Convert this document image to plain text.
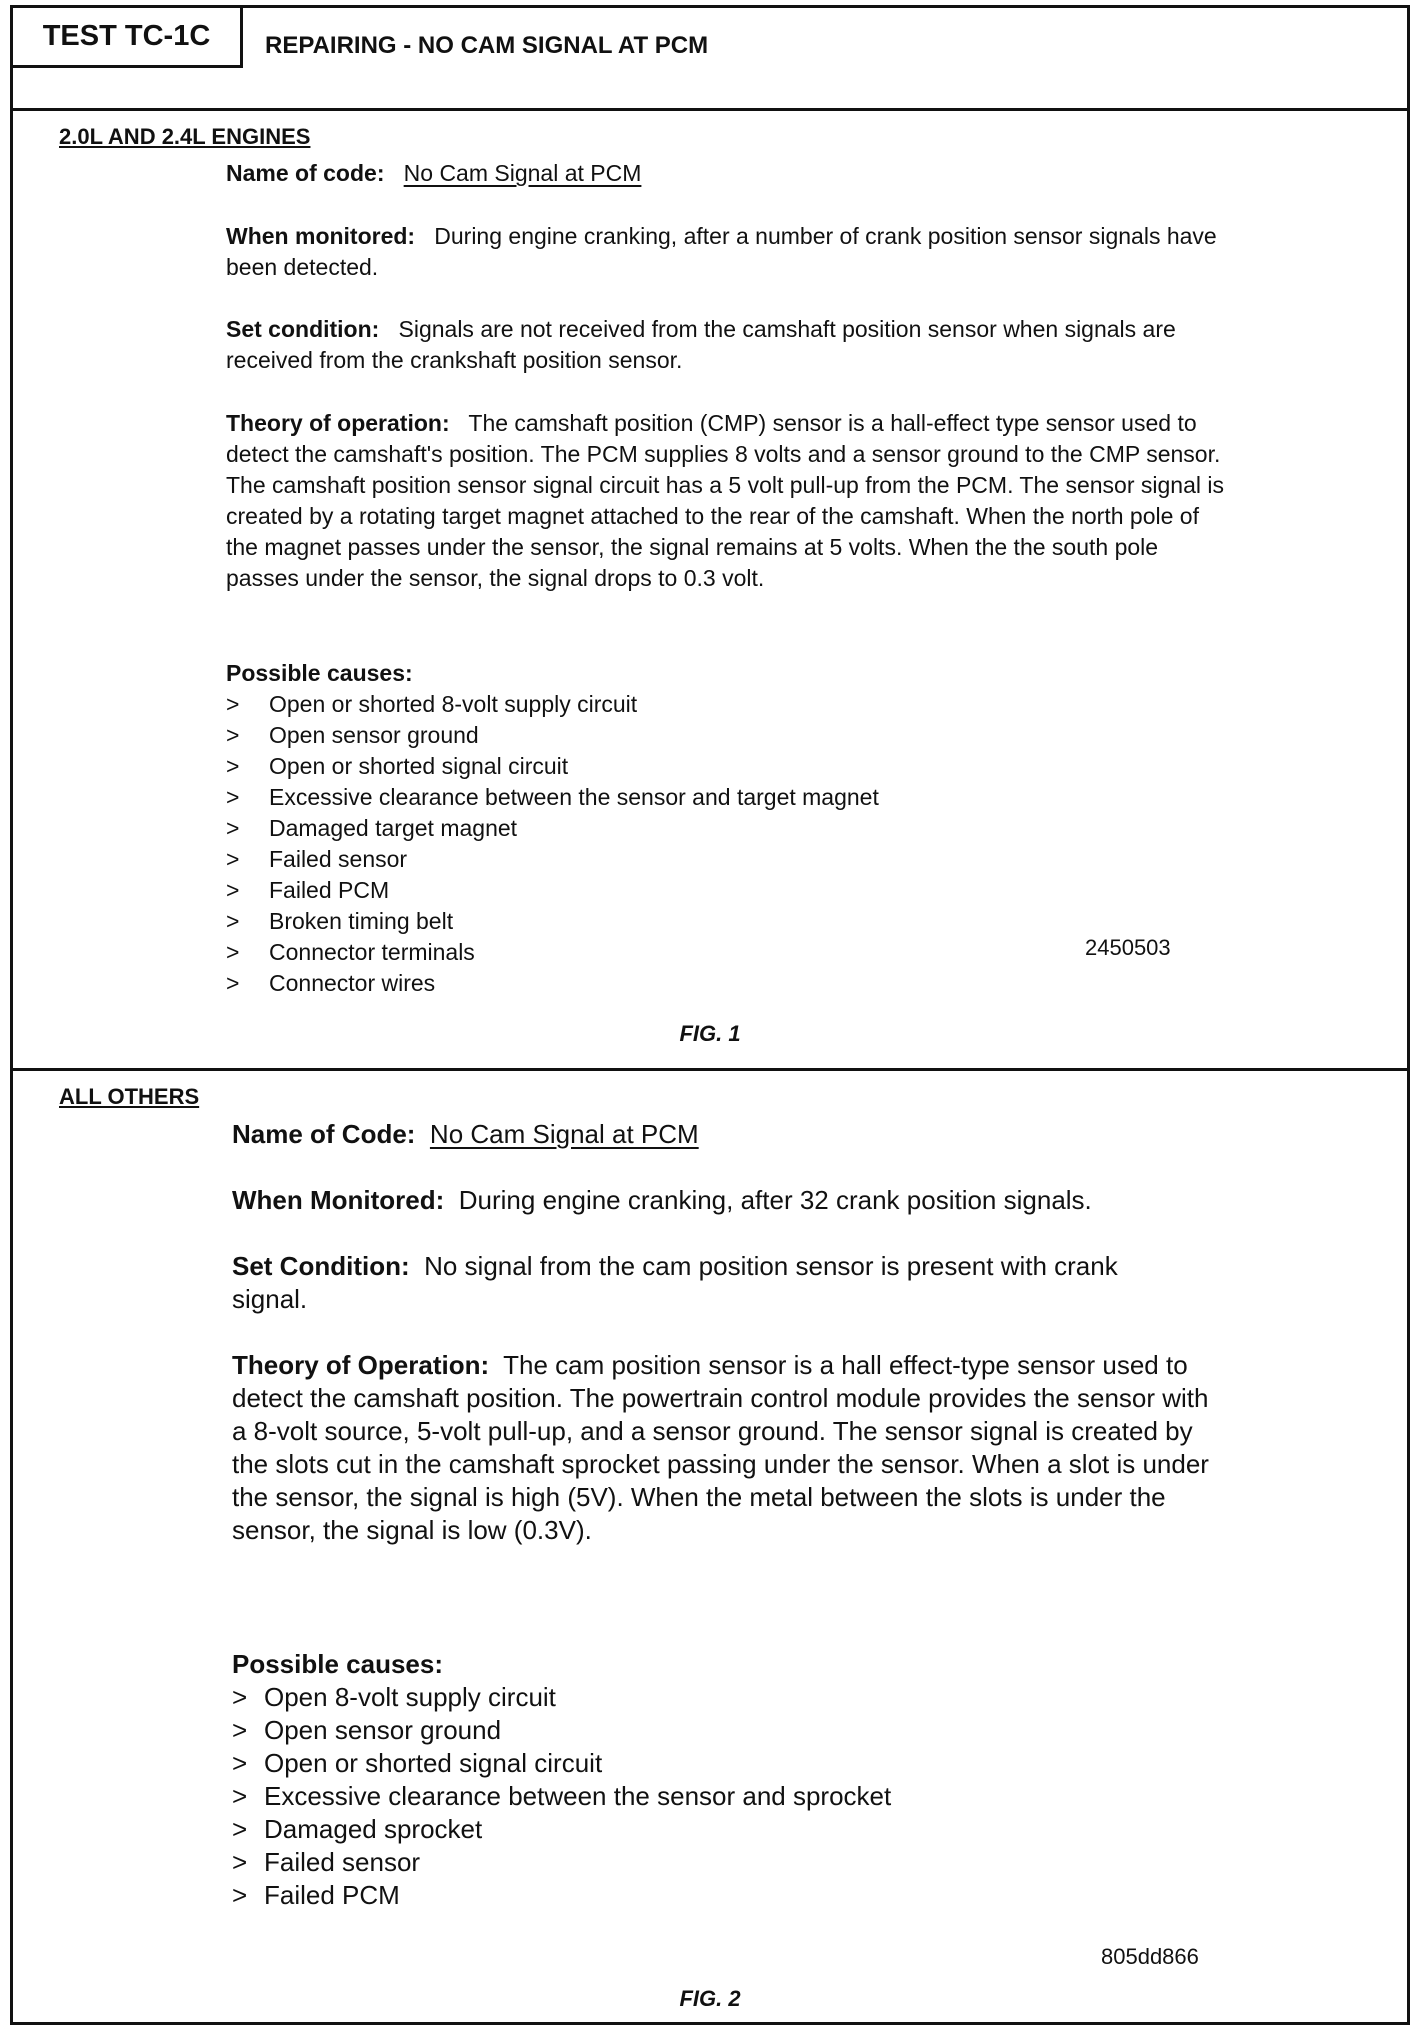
TEST TC-1C	REPAIRING - NO CAM SIGNAL AT PCM
2.0L AND 2.4L ENGINES
Name of code: No Cam Signal at PCM

When monitored: During engine cranking, after a number of crank position sensor signals have been detected.

Set condition: Signals are not received from the camshaft position sensor when signals are received from the crankshaft position sensor.

Theory of operation: The camshaft position (CMP) sensor is a hall-effect type sensor used to detect the camshaft's position. The PCM supplies 8 volts and a sensor ground to the CMP sensor. The camshaft position sensor signal circuit has a 5 volt pull-up from the PCM. The sensor signal is created by a rotating target magnet attached to the rear of the camshaft. When the north pole of the magnet passes under the sensor, the signal remains at 5 volts. When the the south pole passes under the sensor, the signal drops to 0.3 volt.

Possible causes:
> Open or shorted 8-volt supply circuit
> Open sensor ground
> Open or shorted signal circuit
> Excessive clearance between the sensor and target magnet
> Damaged target magnet
> Failed sensor
> Failed PCM
> Broken timing belt
> Connector terminals
> Connector wires
2450503
FIG. 1
ALL OTHERS
Name of Code: No Cam Signal at PCM

When Monitored: During engine cranking, after 32 crank position signals.

Set Condition: No signal from the cam position sensor is present with crank signal.

Theory of Operation: The cam position sensor is a hall effect-type sensor used to detect the camshaft position. The powertrain control module provides the sensor with a 8-volt source, 5-volt pull-up, and a sensor ground. The sensor signal is created by the slots cut in the camshaft sprocket passing under the sensor. When a slot is under the sensor, the signal is high (5V). When the metal between the slots is under the sensor, the signal is low (0.3V).

Possible causes:
> Open 8-volt supply circuit
> Open sensor ground
> Open or shorted signal circuit
> Excessive clearance between the sensor and sprocket
> Damaged sprocket
> Failed sensor
> Failed PCM
805dd866
FIG. 2
